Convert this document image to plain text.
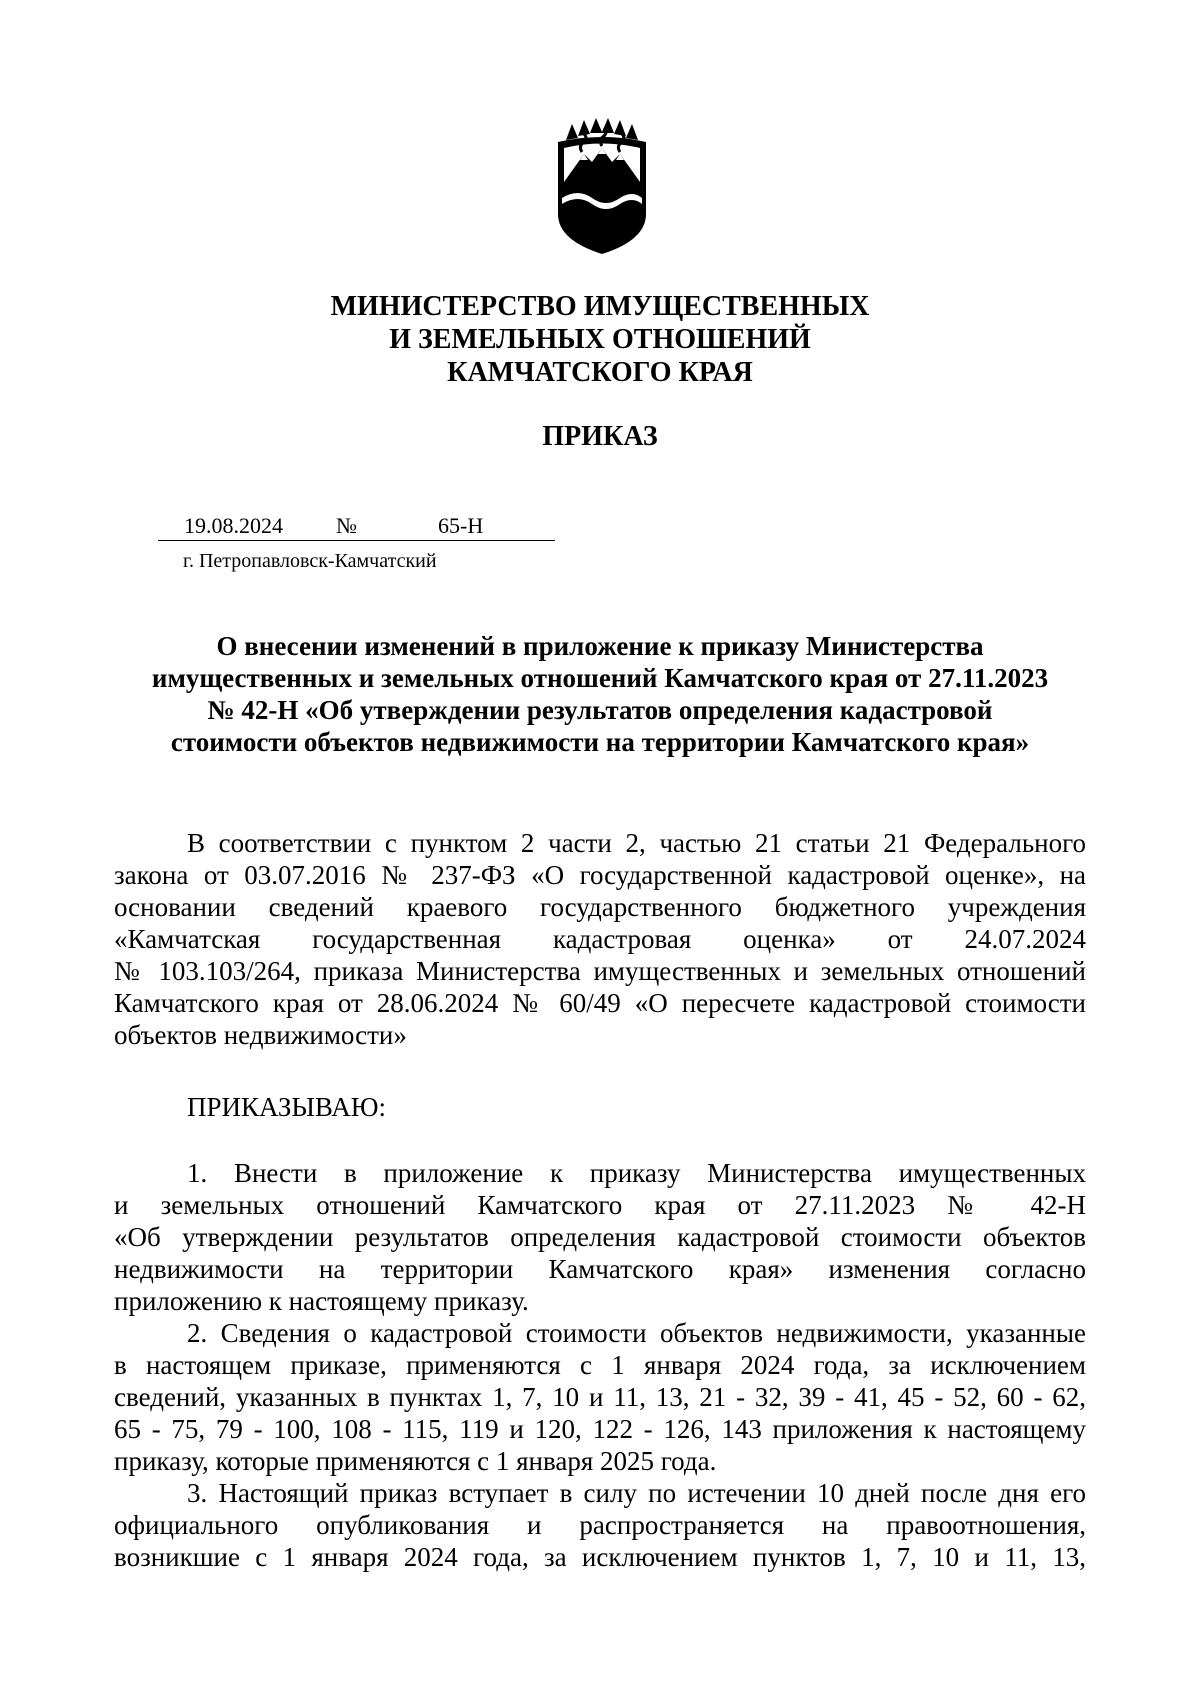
МИНИСТЕРСТВО ИМУЩЕСТВЕННЫХ
И ЗЕМЕЛЬНЫХ ОТНОШЕНИЙ
КАМЧАТСКОГО КРАЯ
ПРИКАЗ
19.08.2024 №	65-Н
г. Петропавловск-Камчатский
О внесении изменений в приложение к приказу Министерства
имущественных и земельных отношений Камчатского края от 27.11.2023
№ 42-Н «Об утверждении результатов определения кадастровой
стоимости объектов недвижимости на территории Камчатского края»
В соответствии с пунктом 2 части 2, частью 21 статьи 21 Федерального
закона от 03.07.2016 № 237-ФЗ «О государственной кадастровой оценке», на
основании сведений краевого государственного бюджетного учреждения
«Камчатская государственная кадастровая оценка» от 24.07.2024
№ 103.103/264, приказа Министерства имущественных и земельных отношений
Камчатского края от 28.06.2024 № 60/49 «О пересчете кадастровой стоимости
объектов недвижимости»
ПРИКАЗЫВАЮ:
1. Внести в приложение к приказу Министерства имущественных
и земельных отношений Камчатского края от 27.11.2023 № 42-Н
«Об утверждении результатов определения кадастровой стоимости объектов
недвижимости на территории Камчатского края» изменения согласно
приложению к настоящему приказу.
2. Сведения о кадастровой стоимости объектов недвижимости, указанные
в настоящем приказе, применяются с 1 января 2024 года, за исключением
сведений, указанных в пунктах 1, 7, 10 и 11, 13, 21 - 32, 39 - 41, 45 - 52, 60 - 62,
65 - 75, 79 - 100, 108 - 115, 119 и 120, 122 - 126, 143 приложения к настоящему
приказу, которые применяются с 1 января 2025 года.
3. Настоящий приказ вступает в силу по истечении 10 дней после дня его
официального опубликования и распространяется на правоотношения,
возникшие с 1 января 2024 года, за исключением пунктов 1, 7, 10 и 11, 13,
